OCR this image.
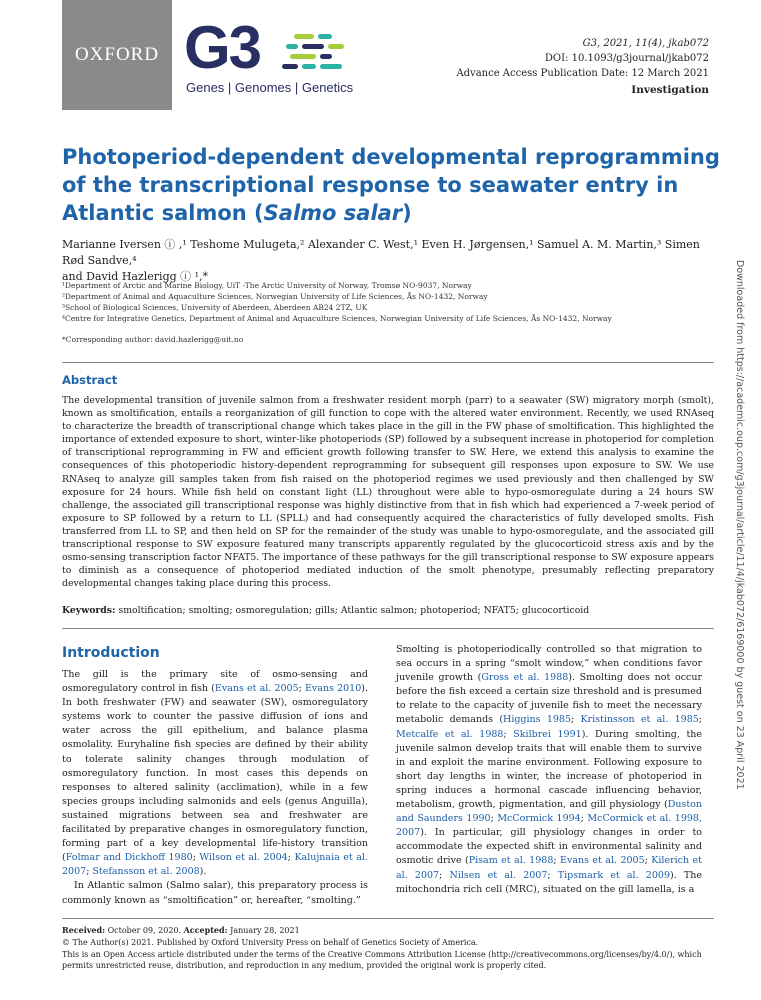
OXFORD G3
Genes | Genomes | Genetics
G3, 2021, 11(4), jkab072
DOI: 10.1093/g3journal/jkab072
Advance Access Publication Date: 12 March 2021
Investigation
Photoperiod-dependent developmental reprogramming of the transcriptional response to seawater entry in Atlantic salmon (Salmo salar)
Marianne Iversen ⓘ ,¹ Teshome Mulugeta,² Alexander C. West,¹ Even H. Jørgensen,¹ Samuel A. M. Martin,³ Simen Rød Sandve,⁴
and David Hazlerigg ⓘ ¹,*
¹Department of Arctic and Marine Biology, UiT -The Arctic University of Norway, Tromsø NO-9037, Norway
²Department of Animal and Aquaculture Sciences, Norwegian University of Life Sciences, Ås NO-1432, Norway
³School of Biological Sciences, University of Aberdeen, Aberdeen AB24 2TZ, UK
⁴Centre for Integrative Genetics, Department of Animal and Aquaculture Sciences, Norwegian University of Life Sciences, Ås NO-1432, Norway
*Corresponding author: david.hazlerigg@uit.no
Abstract
The developmental transition of juvenile salmon from a freshwater resident morph (parr) to a seawater (SW) migratory morph (smolt), known as smoltification, entails a reorganization of gill function to cope with the altered water environment. Recently, we used RNAseq to characterize the breadth of transcriptional change which takes place in the gill in the FW phase of smoltification. This highlighted the importance of extended exposure to short, winter-like photoperiods (SP) followed by a subsequent increase in photoperiod for completion of transcriptional reprogramming in FW and efficient growth following transfer to SW. Here, we extend this analysis to examine the consequences of this photoperiodic history-dependent reprogramming for subsequent gill responses upon exposure to SW. We use RNAseq to analyze gill samples taken from fish raised on the photoperiod regimes we used previously and then challenged by SW exposure for 24 hours. While fish held on constant light (LL) throughout were able to hypo-osmoregulate during a 24 hours SW challenge, the associated gill transcriptional response was highly distinctive from that in fish which had experienced a 7-week period of exposure to SP followed by a return to LL (SPLL) and had consequently acquired the characteristics of fully developed smolts. Fish transferred from LL to SP, and then held on SP for the remainder of the study was unable to hypo-osmoregulate, and the associated gill transcriptional response to SW exposure featured many transcripts apparently regulated by the glucocorticoid stress axis and by the osmo-sensing transcription factor NFAT5. The importance of these pathways for the gill transcriptional response to SW exposure appears to diminish as a consequence of photoperiod mediated induction of the smolt phenotype, presumably reflecting preparatory developmental changes taking place during this process.
Keywords: smoltification; smolting; osmoregulation; gills; Atlantic salmon; photoperiod; NFAT5; glucocorticoid
Introduction

The gill is the primary site of osmo-sensing and osmoregulatory control in fish (Evans et al. 2005; Evans 2010). In both freshwater (FW) and seawater (SW), osmoregulatory systems work to counter the passive diffusion of ions and water across the gill epithelium, and balance plasma osmolality. Euryhaline fish species are defined by their ability to tolerate salinity changes through modulation of osmoregulatory function. In most cases this depends on responses to altered salinity (acclimation), while in a few species groups including salmonids and eels (genus Anguilla), sustained migrations between sea and freshwater are facilitated by preparative changes in osmoregulatory function, forming part of a key developmental life-history transition (Folmar and Dickhoff 1980; Wilson et al. 2004; Kalujnaia et al. 2007; Stefansson et al. 2008).

In Atlantic salmon (Salmo salar), this preparatory process is commonly known as “smoltification” or, hereafter, “smolting.”

Smolting is photoperiodically controlled so that migration to sea occurs in a spring “smolt window,” when conditions favor juvenile growth (Gross et al. 1988). Smolting does not occur before the fish exceed a certain size threshold and is presumed to relate to the capacity of juvenile fish to meet the necessary metabolic demands (Higgins 1985; Kristinsson et al. 1985; Metcalfe et al. 1988; Skilbrei 1991). During smolting, the juvenile salmon develop traits that will enable them to survive in and exploit the marine environment. Following exposure to short day lengths in winter, the increase of photoperiod in spring induces a hormonal cascade influencing behavior, metabolism, growth, pigmentation, and gill physiology (Duston and Saunders 1990; McCormick 1994; McCormick et al. 1998, 2007). In particular, gill physiology changes in order to accommodate the expected shift in environmental salinity and osmotic drive (Pisam et al. 1988; Evans et al. 2005; Kilerich et al. 2007; Nilsen et al. 2007; Tipsmark et al. 2009). The mitochondria rich cell (MRC), situated on the gill lamella, is a

Received: October 09, 2020. Accepted: January 28, 2021
© The Author(s) 2021. Published by Oxford University Press on behalf of Genetics Society of America.
This is an Open Access article distributed under the terms of the Creative Commons Attribution License (http://creativecommons.org/licenses/by/4.0/), which permits unrestricted reuse, distribution, and reproduction in any medium, provided the original work is properly cited.
Downloaded from https://academic.oup.com/g3journal/article/11/4/jkab072/6169000 by guest on 23 April 2021
